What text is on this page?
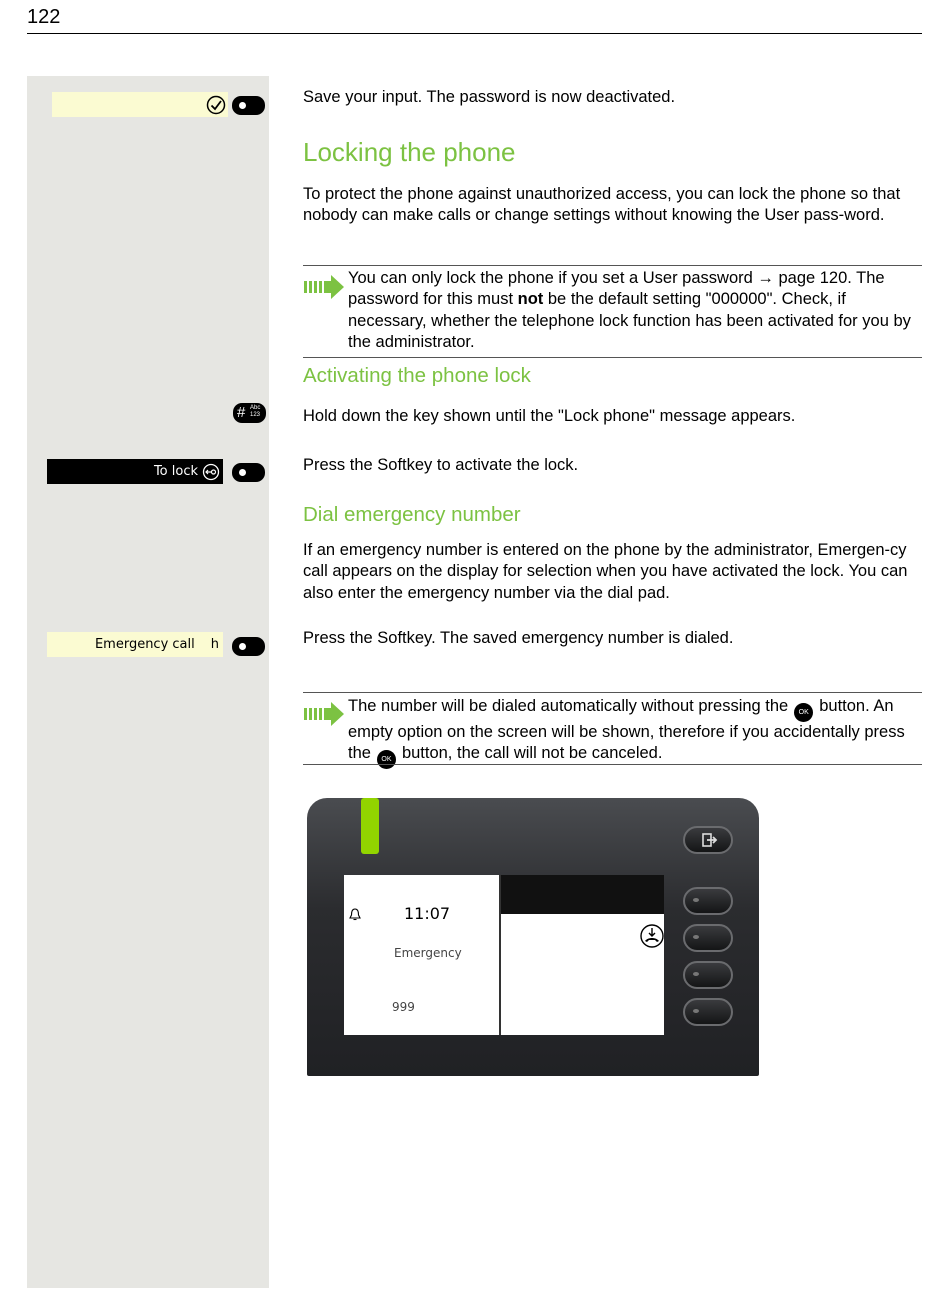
122
# Abc 123
To lock
Emergency call h
Save your input. The password is now deactivated.
Locking the phone
To protect the phone against unauthorized access, you can lock the phone so that nobody can make calls or change settings without knowing the User pass-word.
You can only lock the phone if you set a User password → page 120. The password for this must not be the default setting "000000". Check, if necessary, whether the telephone lock function has been activated for you by the administrator.
Activating the phone lock
Hold down the key shown until the "Lock phone" message appears.
Press the Softkey to activate the lock.
Dial emergency number
If an emergency number is entered on the phone by the administrator, Emergen-cy call appears on the display for selection when you have activated the lock. You can also enter the emergency number via the dial pad.
Press the Softkey. The saved emergency number is dialed.
The number will be dialed automatically without pressing the OK button. An empty option on the screen will be shown, therefore if you accidentally press the OK button, the call will not be canceled.
11:07
Emergency
999
